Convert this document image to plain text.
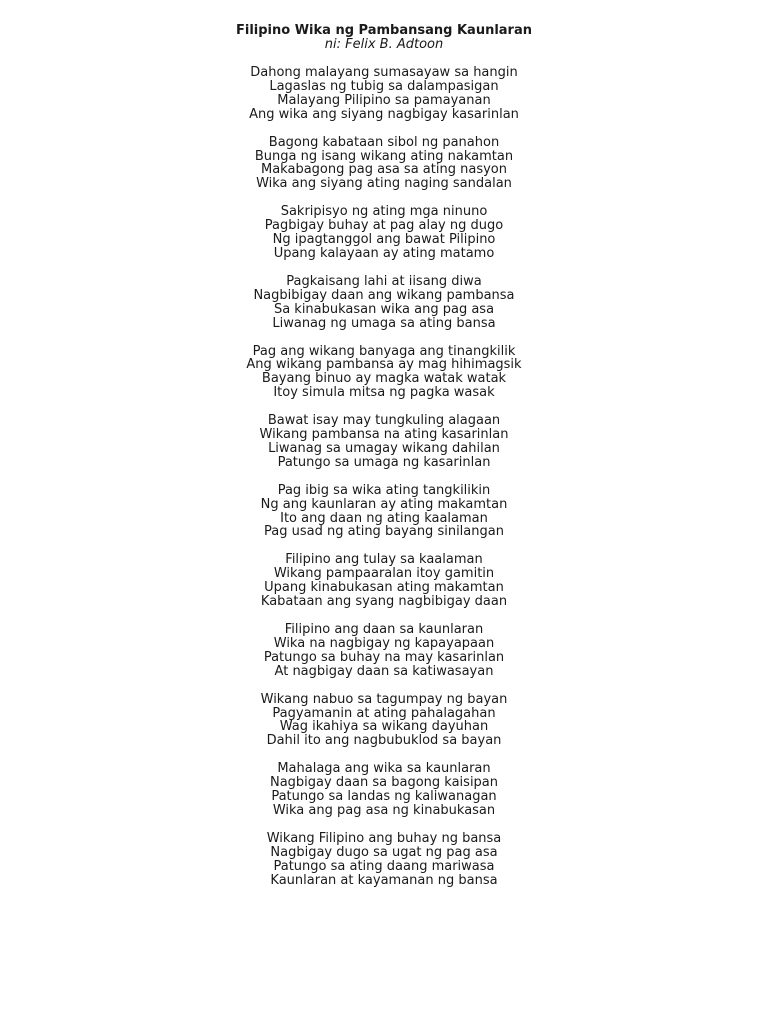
Filipino Wika ng Pambansang Kaunlaran

ni: Felix B. Adtoon

Dahong malayang sumasayaw sa hangin

Lagaslas ng tubig sa dalampasigan

Malayang Pilipino sa pamayanan

Ang wika ang siyang nagbigay kasarinlan

Bagong kabataan sibol ng panahon

Bunga ng isang wikang ating nakamtan

Makabagong pag asa sa ating nasyon

Wika ang siyang ating naging sandalan

Sakripisyo ng ating mga ninuno

Pagbigay buhay at pag alay ng dugo

Ng ipagtanggol ang bawat Pilipino

Upang kalayaan ay ating matamo

Pagkaisang lahi at iisang diwa

Nagbibigay daan ang wikang pambansa

Sa kinabukasan wika ang pag asa

Liwanag ng umaga sa ating bansa

Pag ang wikang banyaga ang tinangkilik

Ang wikang pambansa ay mag hihimagsik

Bayang binuo ay magka watak watak

Itoy simula mitsa ng pagka wasak

Bawat isay may tungkuling alagaan

Wikang pambansa na ating kasarinlan

Liwanag sa umagay wikang dahilan

Patungo sa umaga ng kasarinlan

Pag ibig sa wika ating tangkilikin

Ng ang kaunlaran ay ating makamtan

Ito ang daan ng ating kaalaman

Pag usad ng ating bayang sinilangan

Filipino ang tulay sa kaalaman

Wikang pampaaralan itoy gamitin

Upang kinabukasan ating makamtan

Kabataan ang syang nagbibigay daan

Filipino ang daan sa kaunlaran

Wika na nagbigay ng kapayapaan

Patungo sa buhay na may kasarinlan

At nagbigay daan sa katiwasayan

Wikang nabuo sa tagumpay ng bayan

Pagyamanin at ating pahalagahan

Wag ikahiya sa wikang dayuhan

Dahil ito ang nagbubuklod sa bayan

Mahalaga ang wika sa kaunlaran

Nagbigay daan sa bagong kaisipan

Patungo sa landas ng kaliwanagan

Wika ang pag asa ng kinabukasan

Wikang Filipino ang buhay ng bansa

Nagbigay dugo sa ugat ng pag asa

Patungo sa ating daang mariwasa

Kaunlaran at kayamanan ng bansa
